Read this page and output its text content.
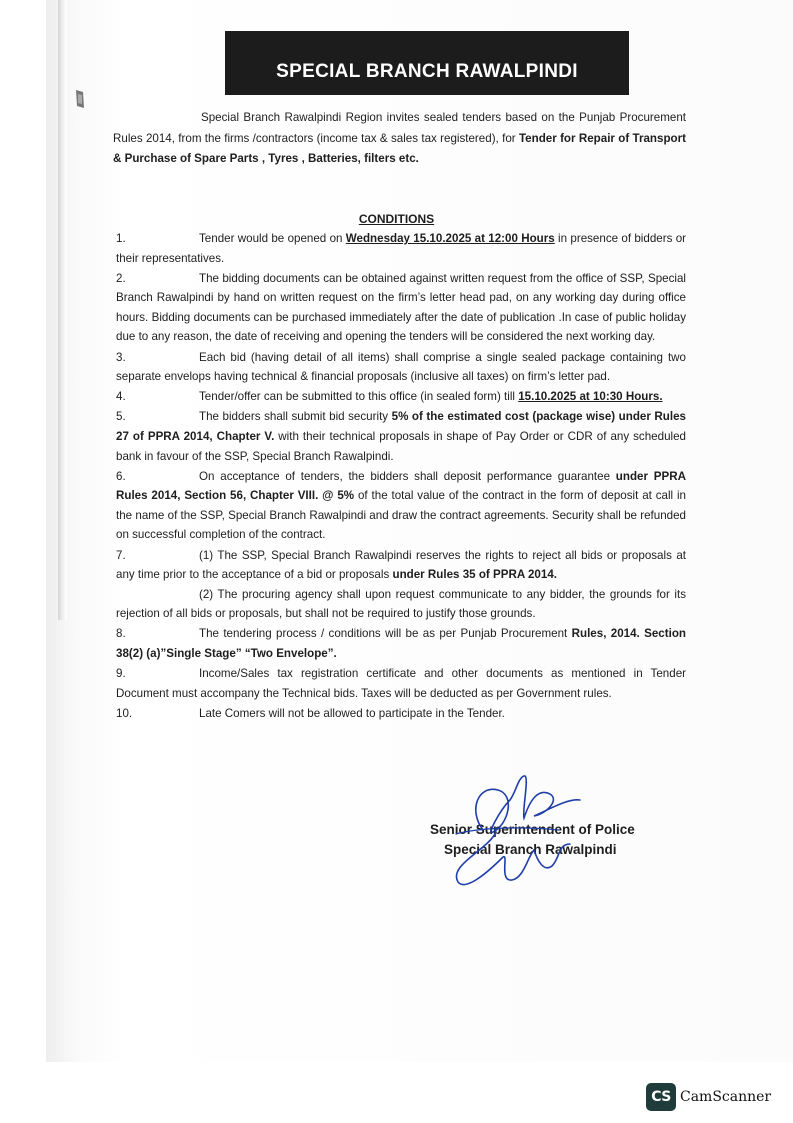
SPECIAL BRANCH RAWALPINDI
Special Branch Rawalpindi Region invites sealed tenders based on the Punjab Procurement Rules 2014, from the firms /contractors (income tax & sales tax registered), for Tender for Repair of Transport & Purchase of Spare Parts , Tyres , Batteries, filters etc.
CONDITIONS
1.	Tender would be opened on Wednesday 15.10.2025 at 12:00 Hours in presence of bidders or their representatives.
2.	The bidding documents can be obtained against written request from the office of SSP, Special Branch Rawalpindi by hand on written request on the firm’s letter head pad, on any working day during office hours. Bidding documents can be purchased immediately after the date of publication .In case of public holiday due to any reason, the date of receiving and opening the tenders will be considered the next working day.
3.	Each bid (having detail of all items) shall comprise a single sealed package containing two separate envelops having technical & financial proposals (inclusive all taxes) on firm’s letter pad.
4.	Tender/offer can be submitted to this office (in sealed form) till 15.10.2025 at 10:30 Hours.
5.	The bidders shall submit bid security 5% of the estimated cost (package wise) under Rules 27 of PPRA 2014, Chapter V. with their technical proposals in shape of Pay Order or CDR of any scheduled bank in favour of the SSP, Special Branch Rawalpindi.
6.	On acceptance of tenders, the bidders shall deposit performance guarantee under PPRA Rules 2014, Section 56, Chapter VIII. @ 5% of the total value of the contract in the form of deposit at call in the name of the SSP, Special Branch Rawalpindi and draw the contract agreements. Security shall be refunded on successful completion of the contract.
7.	(1) The SSP, Special Branch Rawalpindi reserves the rights to reject all bids or proposals at any time prior to the acceptance of a bid or proposals under Rules 35 of PPRA 2014.
(2) The procuring agency shall upon request communicate to any bidder, the grounds for its rejection of all bids or proposals, but shall not be required to justify those grounds.
8.	The tendering process / conditions will be as per Punjab Procurement Rules, 2014. Section 38(2) (a)”Single Stage” “Two Envelope”.
9.	Income/Sales tax registration certificate and other documents as mentioned in Tender Document must accompany the Technical bids. Taxes will be deducted as per Government rules.
10.	Late Comers will not be allowed to participate in the Tender.
Senior Superintendent of Police
Special Branch Rawalpindi
CS CamScanner
